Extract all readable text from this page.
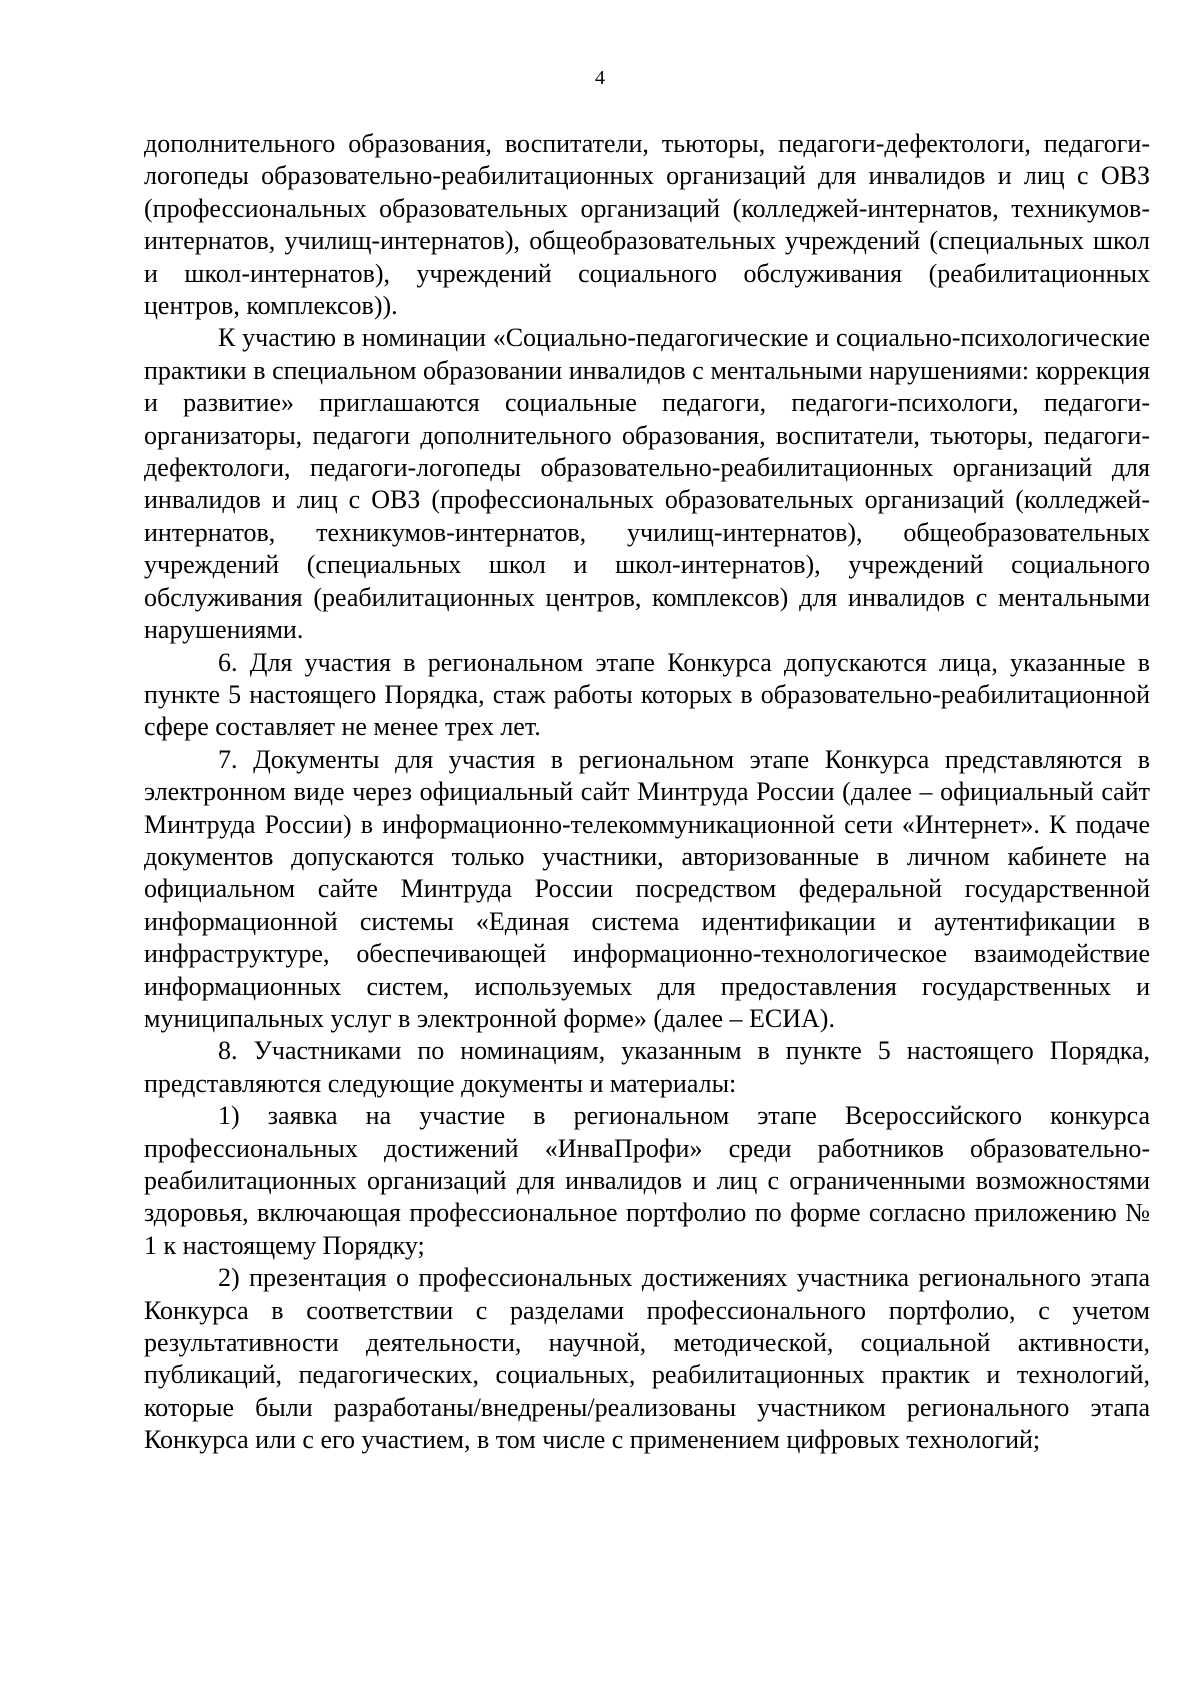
4

дополнительного образования, воспитатели, тьюторы, педагоги-дефектологи, педагоги-логопеды образовательно-реабилитационных организаций для инвалидов и лиц с ОВЗ (профессиональных образовательных организаций (колледжей-интернатов, техникумов-интернатов, училищ-интернатов), общеобразовательных учреждений (специальных школ и школ-интернатов), учреждений социального обслуживания (реабилитационных центров, комплексов)).

К участию в номинации «Социально-педагогические и социально-психологические практики в специальном образовании инвалидов с ментальными нарушениями: коррекция и развитие» приглашаются социальные педагоги, педагоги-психологи, педагоги-организаторы, педагоги дополнительного образования, воспитатели, тьюторы, педагоги-дефектологи, педагоги-логопеды образовательно-реабилитационных организаций для инвалидов и лиц с ОВЗ (профессиональных образовательных организаций (колледжей-интернатов, техникумов-интернатов, училищ-интернатов), общеобразовательных учреждений (специальных школ и школ-интернатов), учреждений социального обслуживания (реабилитационных центров, комплексов) для инвалидов с ментальными нарушениями.

6. Для участия в региональном этапе Конкурса допускаются лица, указанные в пункте 5 настоящего Порядка, стаж работы которых в образовательно-реабилитационной сфере составляет не менее трех лет.

7. Документы для участия в региональном этапе Конкурса представляются в электронном виде через официальный сайт Минтруда России (далее – официальный сайт Минтруда России) в информационно-телекоммуникационной сети «Интернет». К подаче документов допускаются только участники, авторизованные в личном кабинете на официальном сайте Минтруда России посредством федеральной государственной информационной системы «Единая система идентификации и аутентификации в инфраструктуре, обеспечивающей информационно-технологическое взаимодействие информационных систем, используемых для предоставления государственных и муниципальных услуг в электронной форме» (далее – ЕСИА).

8. Участниками по номинациям, указанным в пункте 5 настоящего Порядка, представляются следующие документы и материалы:

1) заявка на участие в региональном этапе Всероссийского конкурса профессиональных достижений «ИнваПрофи» среди работников образовательно-реабилитационных организаций для инвалидов и лиц с ограниченными возможностями здоровья, включающая профессиональное портфолио по форме согласно приложению № 1 к настоящему Порядку;

2) презентация о профессиональных достижениях участника регионального этапа Конкурса в соответствии с разделами профессионального портфолио, с учетом результативности деятельности, научной, методической, социальной активности, публикаций, педагогических, социальных, реабилитационных практик и технологий, которые были разработаны/внедрены/реализованы участником регионального этапа Конкурса или с его участием, в том числе с применением цифровых технологий;
